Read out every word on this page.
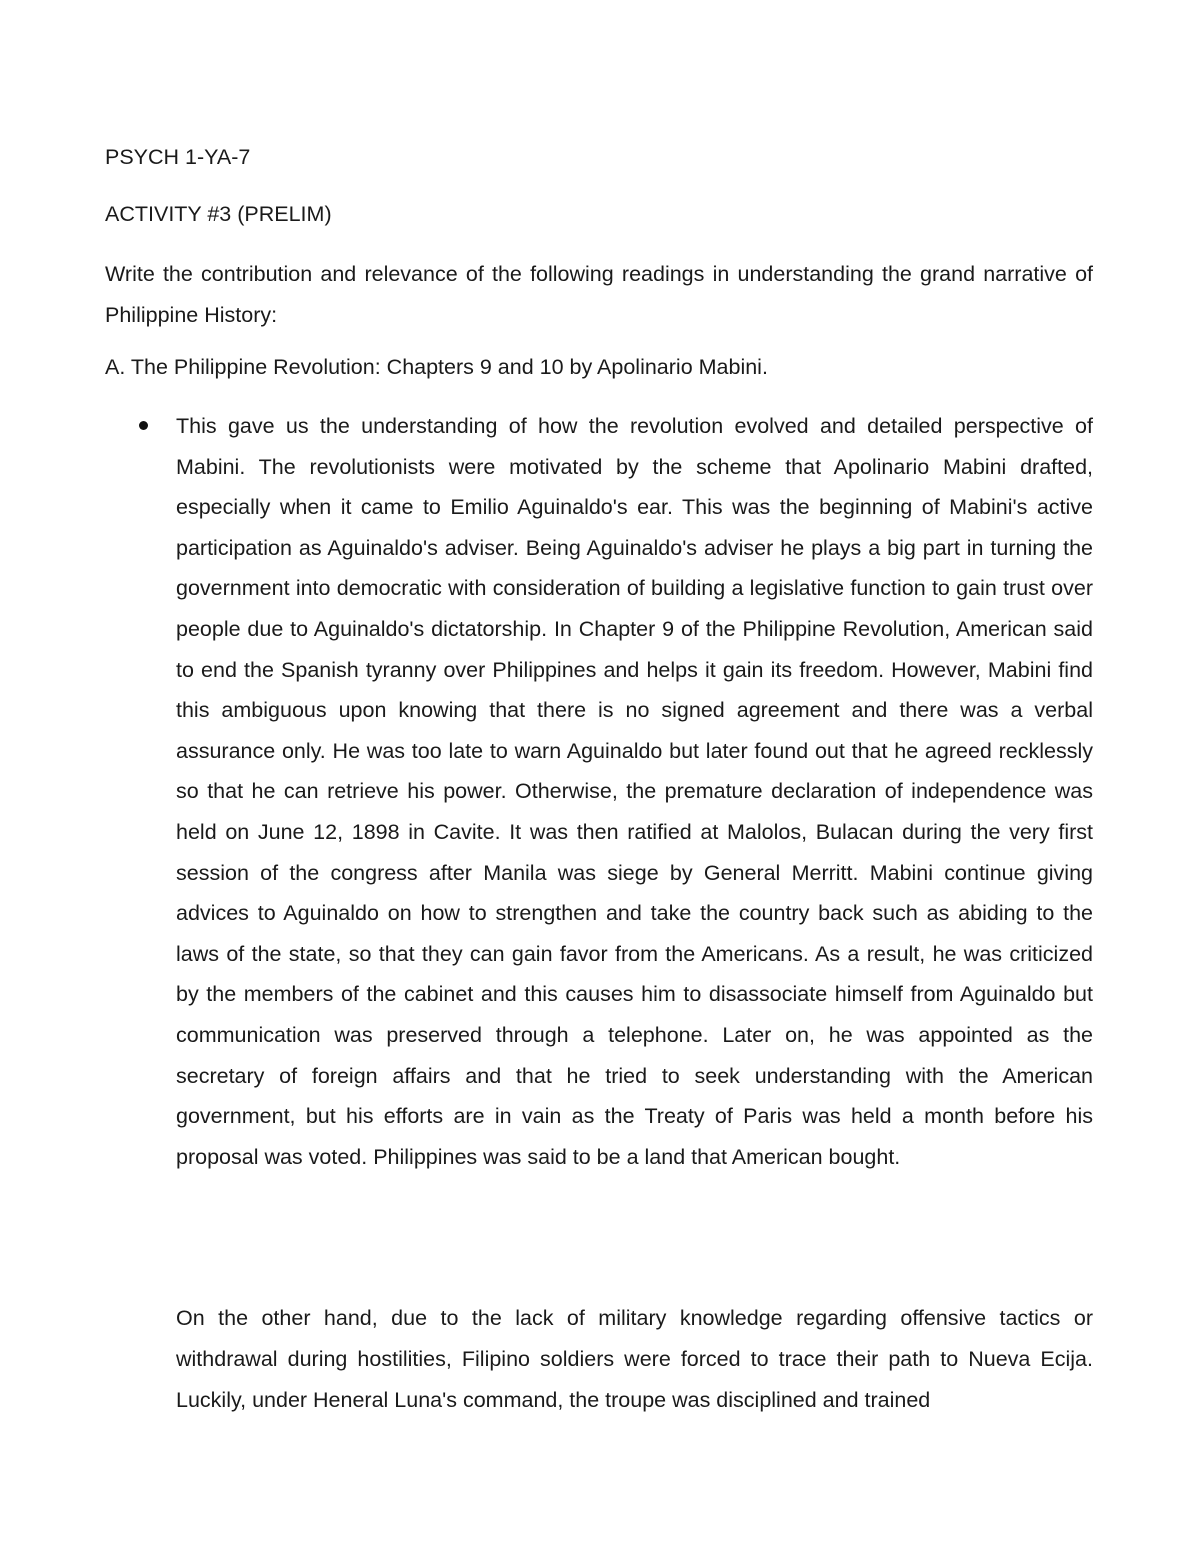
PSYCH 1-YA-7
ACTIVITY #3 (PRELIM)
Write the contribution and relevance of the following readings in understanding the grand narrative of Philippine History:
A. The Philippine Revolution: Chapters 9 and 10 by Apolinario Mabini.
This gave us the understanding of how the revolution evolved and detailed perspective of Mabini. The revolutionists were motivated by the scheme that Apolinario Mabini drafted, especially when it came to Emilio Aguinaldo's ear. This was the beginning of Mabini's active participation as Aguinaldo's adviser. Being Aguinaldo's adviser he plays a big part in turning the government into democratic with consideration of building a legislative function to gain trust over people due to Aguinaldo's dictatorship. In Chapter 9 of the Philippine Revolution, American said to end the Spanish tyranny over Philippines and helps it gain its freedom. However, Mabini find this ambiguous upon knowing that there is no signed agreement and there was a verbal assurance only. He was too late to warn Aguinaldo but later found out that he agreed recklessly so that he can retrieve his power. Otherwise, the premature declaration of independence was held on June 12, 1898 in Cavite. It was then ratified at Malolos, Bulacan during the very first session of the congress after Manila was siege by General Merritt. Mabini continue giving advices to Aguinaldo on how to strengthen and take the country back such as abiding to the laws of the state, so that they can gain favor from the Americans. As a result, he was criticized by the members of the cabinet and this causes him to disassociate himself from Aguinaldo but communication was preserved through a telephone. Later on, he was appointed as the secretary of foreign affairs and that he tried to seek understanding with the American government, but his efforts are in vain as the Treaty of Paris was held a month before his proposal was voted. Philippines was said to be a land that American bought.

On the other hand, due to the lack of military knowledge regarding offensive tactics or withdrawal during hostilities, Filipino soldiers were forced to trace their path to Nueva Ecija. Luckily, under Heneral Luna's command, the troupe was disciplined and trained
